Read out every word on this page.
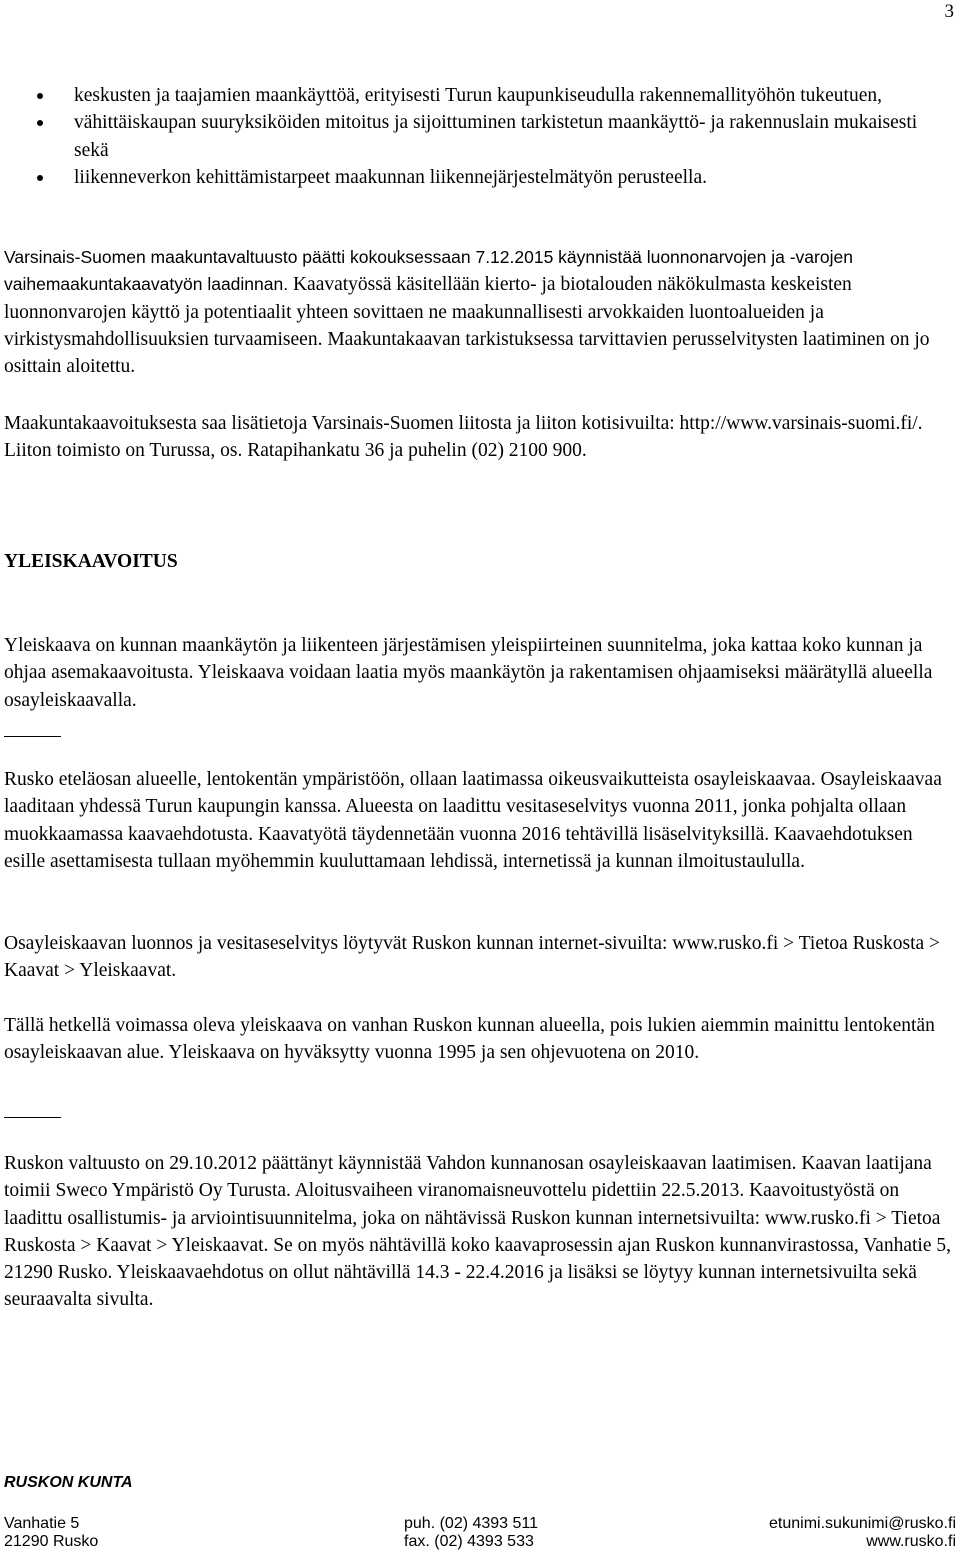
3
keskusten ja taajamien maankäyttöä, erityisesti Turun kaupunkiseudulla rakennemallityöhön tukeutuen,
vähittäiskaupan suuryksiköiden mitoitus ja sijoittuminen tarkistetun maankäyttö- ja rakennuslain mukaisesti sekä
liikenneverkon kehittämistarpeet maakunnan liikennejärjestelmätyön perusteella.
Varsinais-Suomen maakuntavaltuusto päätti kokouksessaan 7.12.2015 käynnistää luonnonarvojen ja -varojen vaihemaakuntakaavatyön laadinnan. Kaavatyössä käsitellään kierto- ja biotalouden näkökulmasta keskeisten luonnonvarojen käyttö ja potentiaalit yhteen sovittaen ne maakunnallisesti arvokkaiden luontoalueiden ja virkistysmahdollisuuksien turvaamiseen. Maakuntakaavan tarkistuksessa tarvittavien perusselvitysten laatiminen on jo osittain aloitettu.
Maakuntakaavoituksesta saa lisätietoja Varsinais-Suomen liitosta ja liiton kotisivuilta: http://www.varsinais-suomi.fi/. Liiton toimisto on Turussa, os. Ratapihankatu 36 ja puhelin (02) 2100 900.
YLEISKAAVOITUS
Yleiskaava on kunnan maankäytön ja liikenteen järjestämisen yleispiirteinen suunnitelma, joka kattaa koko kunnan ja ohjaa asemakaavoitusta. Yleiskaava voidaan laatia myös maankäytön ja rakentamisen ohjaamiseksi määrätyllä alueella osayleiskaavalla.
Rusko eteläosan alueelle, lentokentän ympäristöön, ollaan laatimassa oikeusvaikutteista osayleiskaavaa. Osayleiskaavaa laaditaan yhdessä Turun kaupungin kanssa. Alueesta on laadittu vesitaseselvitys vuonna 2011, jonka pohjalta ollaan muokkaamassa kaavaehdotusta. Kaavatyötä täydennetään vuonna 2016 tehtävillä lisäselvityksillä. Kaavaehdotuksen esille asettamisesta tullaan myöhemmin kuuluttamaan lehdissä, internetissä ja kunnan ilmoitustaululla.
Osayleiskaavan luonnos ja vesitaseselvitys löytyvät Ruskon kunnan internet-sivuilta: www.rusko.fi > Tietoa Ruskosta > Kaavat > Yleiskaavat.
Tällä hetkellä voimassa oleva yleiskaava on vanhan Ruskon kunnan alueella, pois lukien aiemmin mainittu lentokentän osayleiskaavan alue. Yleiskaava on hyväksytty vuonna 1995 ja sen ohjevuotena on 2010.
Ruskon valtuusto on 29.10.2012 päättänyt käynnistää Vahdon kunnanosan osayleiskaavan laatimisen. Kaavan laatijana toimii Sweco Ympäristö Oy Turusta. Aloitusvaiheen viranomaisneuvottelu pidettiin 22.5.2013. Kaavoitustyöstä on laadittu osallistumis- ja arviointisuunnitelma, joka on nähtävissä Ruskon kunnan internetsivuilta: www.rusko.fi > Tietoa Ruskosta > Kaavat > Yleiskaavat. Se on myös nähtävillä koko kaavaprosessin ajan Ruskon kunnanvirastossa, Vanhatie 5, 21290 Rusko. Yleiskaavaehdotus on ollut nähtävillä 14.3 - 22.4.2016 ja lisäksi se löytyy kunnan internetsivuilta sekä seuraavalta sivulta.
RUSKON KUNTA
Vanhatie 5	puh. (02) 4393 511	etunimi.sukunimi@rusko.fi
21290 Rusko	fax. (02) 4393 533	www.rusko.fi
